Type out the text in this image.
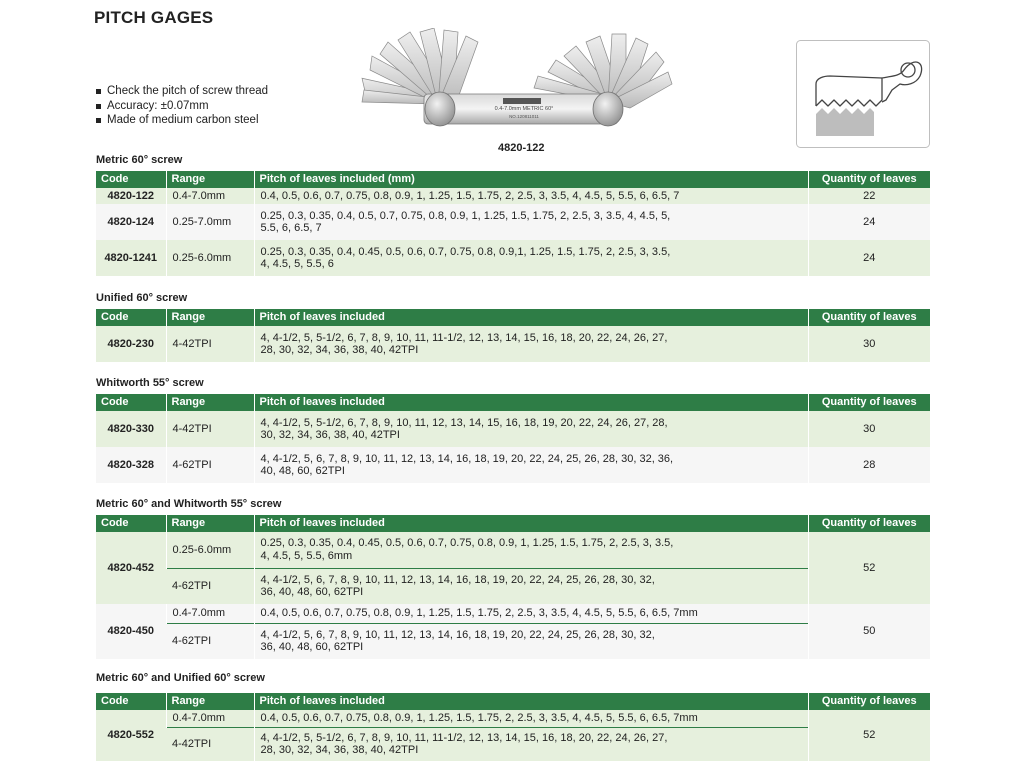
PITCH GAGES
Check the pitch of screw thread
Accuracy: ±0.07mm
Made of medium carbon steel
0.4-7.0mm METRIC 60°
NO.120811011
4820-122
Metric 60° screw
Code	Range	Pitch of leaves included (mm)	Quantity of leaves
4820-122	0.4-7.0mm	0.4, 0.5, 0.6, 0.7, 0.75, 0.8, 0.9, 1, 1.25, 1.5, 1.75, 2, 2.5, 3, 3.5, 4, 4.5, 5, 5.5, 6, 6.5, 7	22
4820-124	0.25-7.0mm	0.25, 0.3, 0.35, 0.4, 0.5, 0.7, 0.75, 0.8, 0.9, 1, 1.25, 1.5, 1.75, 2, 2.5, 3, 3.5, 4, 4.5, 5,
5.5, 6, 6.5, 7	24
4820-1241	0.25-6.0mm	0.25, 0.3, 0.35, 0.4, 0.45, 0.5, 0.6, 0.7, 0.75, 0.8, 0.9,1, 1.25, 1.5, 1.75, 2, 2.5, 3, 3.5,
4, 4.5, 5, 5.5, 6	24
Unified 60° screw
Code	Range	Pitch of leaves included	Quantity of leaves
4820-230	4-42TPI	4, 4-1/2, 5, 5-1/2, 6, 7, 8, 9, 10, 11, 11-1/2, 12, 13, 14, 15, 16, 18, 20, 22, 24, 26, 27,
28, 30, 32, 34, 36, 38, 40, 42TPI	30
Whitworth 55° screw
Code	Range	Pitch of leaves included	Quantity of leaves
4820-330	4-42TPI	4, 4-1/2, 5, 5-1/2, 6, 7, 8, 9, 10, 11, 12, 13, 14, 15, 16, 18, 19, 20, 22, 24, 26, 27, 28,
30, 32, 34, 36, 38, 40, 42TPI	30
4820-328	4-62TPI	4, 4-1/2, 5, 6, 7, 8, 9, 10, 11, 12, 13, 14, 16, 18, 19, 20, 22, 24, 25, 26, 28, 30, 32, 36,
40, 48, 60, 62TPI	28
Metric 60° and Whitworth 55° screw
Code	Range	Pitch of leaves included	Quantity of leaves
4820-452	0.25-6.0mm	0.25, 0.3, 0.35, 0.4, 0.45, 0.5, 0.6, 0.7, 0.75, 0.8, 0.9, 1, 1.25, 1.5, 1.75, 2, 2.5, 3, 3.5,
4, 4.5, 5, 5.5, 6mm	52
	4-62TPI	4, 4-1/2, 5, 6, 7, 8, 9, 10, 11, 12, 13, 14, 16, 18, 19, 20, 22, 24, 25, 26, 28, 30, 32,
36, 40, 48, 60, 62TPI	

4820-450	0.4-7.0mm	0.4, 0.5, 0.6, 0.7, 0.75, 0.8, 0.9, 1, 1.25, 1.5, 1.75, 2, 2.5, 3, 3.5, 4, 4.5, 5, 5.5, 6, 6.5, 7mm	50
	4-62TPI	4, 4-1/2, 5, 6, 7, 8, 9, 10, 11, 12, 13, 14, 16, 18, 19, 20, 22, 24, 25, 26, 28, 30, 32,
36, 40, 48, 60, 62TPI	
Metric 60° and Unified 60° screw
Code	Range	Pitch of leaves included	Quantity of leaves
4820-552	0.4-7.0mm	0.4, 0.5, 0.6, 0.7, 0.75, 0.8, 0.9, 1, 1.25, 1.5, 1.75, 2, 2.5, 3, 3.5, 4, 4.5, 5, 5.5, 6, 6.5, 7mm	52
	4-42TPI	4, 4-1/2, 5, 5-1/2, 6, 7, 8, 9, 10, 11, 11-1/2, 12, 13, 14, 15, 16, 18, 20, 22, 24, 26, 27,
28, 30, 32, 34, 36, 38, 40, 42TPI	
